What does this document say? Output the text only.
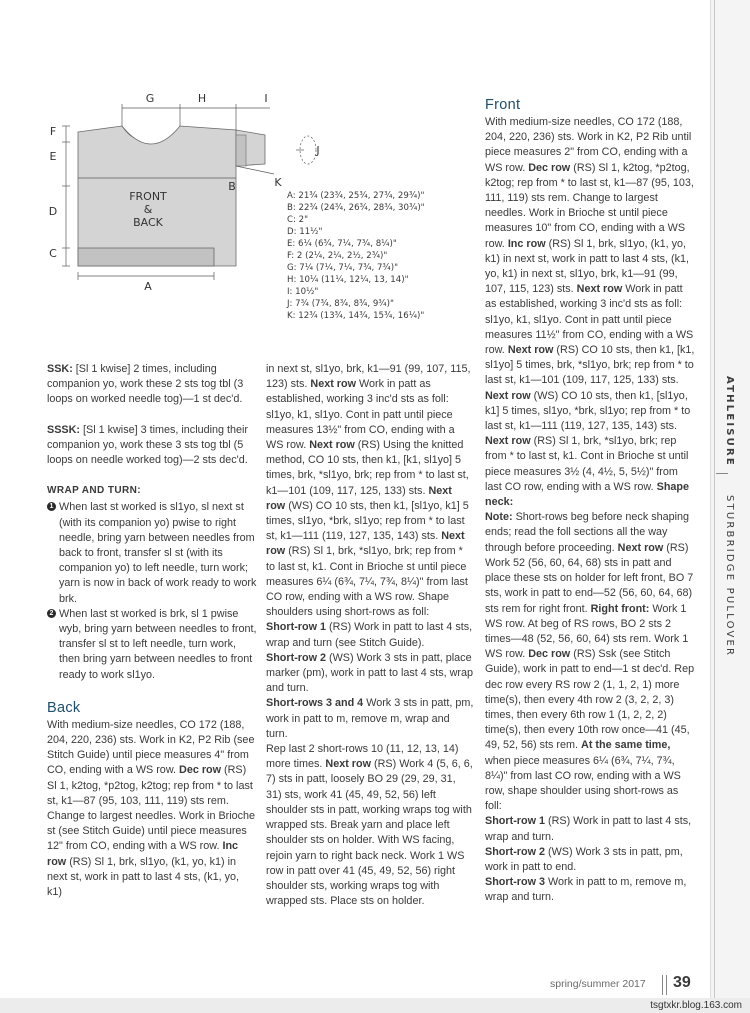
ATHLEISURE
STURBRIDGE PULLOVER
G	H	I
F
E
D
C
A
B
J
K
FRONT
&
BACK
A: 21¾ (23¾, 25¾, 27¾, 29¾)"
B: 22¾ (24¾, 26¾, 28¾, 30¾)"
C: 2"
D: 11½"
E: 6¼ (6¾, 7¼, 7¾, 8¼)"
F: 2 (2¼, 2¼, 2½, 2¾)"
G: 7¼ (7¼, 7¼, 7¾, 7¾)"
H: 10¼ (11¼, 12¼, 13, 14)"
I: 10½"
J: 7¾ (7¾, 8¾, 8¾, 9¾)"
K: 12¾ (13¾, 14¾, 15¾, 16¼)"
SSK: [Sl 1 kwise] 2 times, including companion yo, work these 2 sts tog tbl (3 loops on worked needle tog)—1 st dec'd.
SSSK: [Sl 1 kwise] 3 times, including their companion yo, work these 3 sts tog tbl (5 loops on needle worked tog)—2 sts dec'd.
WRAP AND TURN:
1 When last st worked is sl1yo, sl next st (with its companion yo) pwise to right needle, bring yarn between needles from back to front, transfer sl st (with its companion yo) to left needle, turn work; yarn is now in back of work ready to work brk.
2 When last st worked is brk, sl 1 pwise wyb, bring yarn between needles to front, transfer sl st to left needle, turn work, then bring yarn between needles to front ready to work sl1yo.
Back
With medium-size needles, CO 172 (188, 204, 220, 236) sts. Work in K2, P2 Rib (see Stitch Guide) until piece measures 4" from CO, ending with a WS row. Dec row (RS) Sl 1, k2tog, *p2tog, k2tog; rep from * to last st, k1—87 (95, 103, 111, 119) sts rem. Change to largest needles. Work in Brioche st (see Stitch Guide) until piece measures 12" from CO, ending with a WS row. Inc row (RS) Sl 1, brk, sl1yo, (k1, yo, k1) in next st, work in patt to last 4 sts, (k1, yo, k1)
in next st, sl1yo, brk, k1—91 (99, 107, 115, 123) sts. Next row Work in patt as established, working 3 inc'd sts as foll: sl1yo, k1, sl1yo. Cont in patt until piece measures 13½" from CO, ending with a WS row. Next row (RS) Using the knitted method, CO 10 sts, then k1, [k1, sl1yo] 5 times, brk, *sl1yo, brk; rep from * to last st, k1—101 (109, 117, 125, 133) sts. Next row (WS) CO 10 sts, then k1, [sl1yo, k1] 5 times, sl1yo, *brk, sl1yo; rep from * to last st, k1—111 (119, 127, 135, 143) sts. Next row (RS) Sl 1, brk, *sl1yo, brk; rep from * to last st, k1. Cont in Brioche st until piece measures 6¼ (6¾, 7¼, 7¾, 8¼)" from last CO row, ending with a WS row. Shape shoulders using short-rows as foll:
Short-row 1 (RS) Work in patt to last 4 sts, wrap and turn (see Stitch Guide).
Short-row 2 (WS) Work 3 sts in patt, place marker (pm), work in patt to last 4 sts, wrap and turn.
Short-rows 3 and 4 Work 3 sts in patt, pm, work in patt to m, remove m, wrap and turn.
Rep last 2 short-rows 10 (11, 12, 13, 14) more times. Next row (RS) Work 4 (5, 6, 6, 7) sts in patt, loosely BO 29 (29, 29, 31, 31) sts, work 41 (45, 49, 52, 56) left shoulder sts in patt, working wraps tog with wrapped sts. Break yarn and place left shoulder sts on holder. With WS facing, rejoin yarn to right back neck. Work 1 WS row in patt over 41 (45, 49, 52, 56) right shoulder sts, working wraps tog with wrapped sts. Place sts on holder.
Front
With medium-size needles, CO 172 (188, 204, 220, 236) sts. Work in K2, P2 Rib until piece measures 2" from CO, ending with a WS row. Dec row (RS) Sl 1, k2tog, *p2tog, k2tog; rep from * to last st, k1—87 (95, 103, 111, 119) sts rem. Change to largest needles. Work in Brioche st until piece measures 10" from CO, ending with a WS row. Inc row (RS) Sl 1, brk, sl1yo, (k1, yo, k1) in next st, work in patt to last 4 sts, (k1, yo, k1) in next st, sl1yo, brk, k1—91 (99, 107, 115, 123) sts. Next row Work in patt as established, working 3 inc'd sts as foll: sl1yo, k1, sl1yo. Cont in patt until piece measures 11½" from CO, ending with a WS row. Next row (RS) CO 10 sts, then k1, [k1, sl1yo] 5 times, brk, *sl1yo, brk; rep from * to last st, k1—101 (109, 117, 125, 133) sts. Next row (WS) CO 10 sts, then k1, [sl1yo, k1] 5 times, sl1yo, *brk, sl1yo; rep from * to last st, k1—111 (119, 127, 135, 143) sts. Next row (RS) Sl 1, brk, *sl1yo, brk; rep from * to last st, k1. Cont in Brioche st until piece measures 3½ (4, 4½, 5, 5½)" from last CO row, ending with a WS row. Shape neck:
Note: Short-rows beg before neck shaping ends; read the foll sections all the way through before proceeding. Next row (RS) Work 52 (56, 60, 64, 68) sts in patt and place these sts on holder for left front, BO 7 sts, work in patt to end—52 (56, 60, 64, 68) sts rem for right front. Right front: Work 1 WS row. At beg of RS rows, BO 2 sts 2 times—48 (52, 56, 60, 64) sts rem. Work 1 WS row. Dec row (RS) Ssk (see Stitch Guide), work in patt to end—1 st dec'd. Rep dec row every RS row 2 (1, 1, 2, 1) more time(s), then every 4th row 2 (3, 2, 2, 3) times, then every 6th row 1 (1, 2, 2, 2) time(s), then every 10th row once—41 (45, 49, 52, 56) sts rem. At the same time, when piece measures 6¼ (6¾, 7¼, 7¾, 8¼)" from last CO row, ending with a WS row, shape shoulder using short-rows as foll:
Short-row 1 (RS) Work in patt to last 4 sts, wrap and turn.
Short-row 2 (WS) Work 3 sts in patt, pm, work in patt to end.
Short-row 3 Work in patt to m, remove m, wrap and turn.
spring/summer 2017 39
tsgtxkr.blog.163.com
